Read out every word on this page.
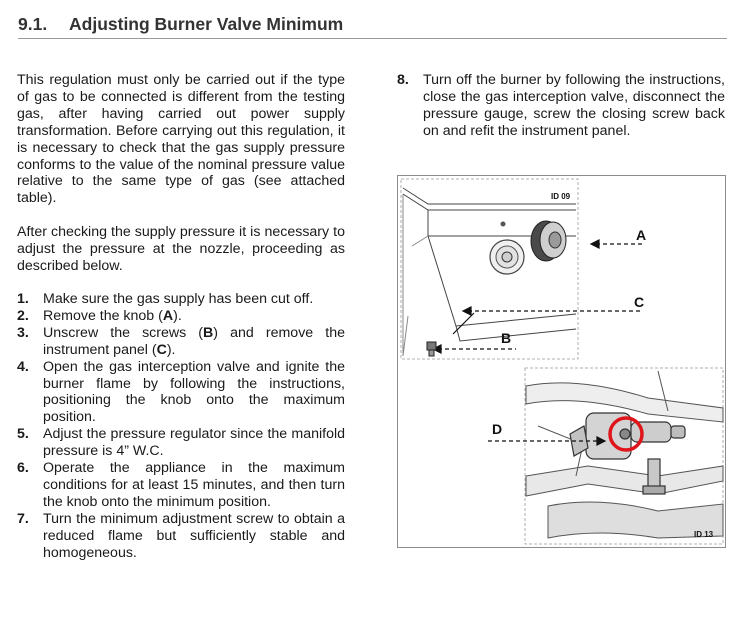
9.1. Adjusting Burner Valve Minimum
This regulation must only be carried out if the type of gas to be connected is different from the testing gas, after having carried out power supply transformation. Before carrying out this regulation, it is necessary to check that the gas supply pressure conforms to the value of the nominal pressure value relative to the same type of gas (see attached table).
After checking the supply pressure it is necessary to adjust the pressure at the nozzle, proceeding as described below.
1. Make sure the gas supply has been cut off.
2. Remove the knob (A).
3. Unscrew the screws (B) and remove the instrument panel (C).
4. Open the gas interception valve and ignite the burner flame by following the instructions, positioning the knob onto the maximum position.
5. Adjust the pressure regulator since the manifold pressure is 4” W.C.
6. Operate the appliance in the maximum conditions for at least 15 minutes, and then turn the knob onto the minimum position.
7. Turn the minimum adjustment screw to obtain a reduced flame but sufficiently stable and homogeneous.
8. Turn off the burner by following the instructions, close the gas interception valve, disconnect the pressure gauge, screw the closing screw back on and refit the instrument panel.
ID 09
A
C
B
D
ID 13
